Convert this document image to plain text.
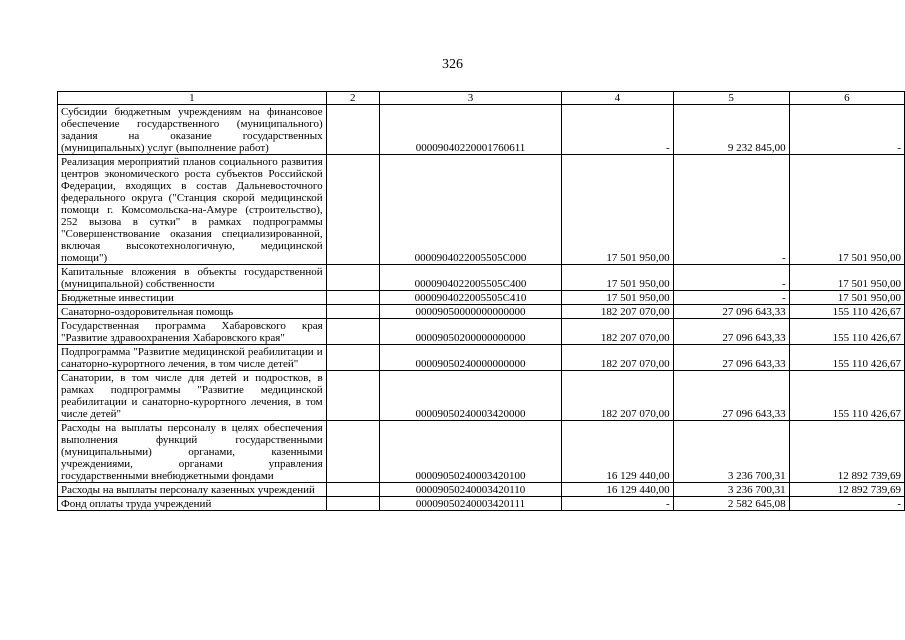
326
1	2	3	4	5	6
Субсидии бюджетным учреждениям на финансовое обеспечение государственного (муниципального) задания на оказание государственных (муниципальных) услуг (выполнение работ)		00009040220001760611	-	9 232 845,00	-
Реализация мероприятий планов социального развития центров экономического роста субъектов Российской Федерации, входящих в состав Дальневосточного федерального округа ("Станция скорой медицинской помощи г. Комсомольска-на-Амуре (строительство), 252 вызова в сутки" в рамках подпрограммы "Совершенствование оказания специализированной, включая высокотехнологичную, медицинской помощи")		0000904022005505C000	17 501 950,00	-	17 501 950,00
Капитальные вложения в объекты государственной (муниципальной) собственности		0000904022005505C400	17 501 950,00	-	17 501 950,00
Бюджетные инвестиции		0000904022005505C410	17 501 950,00	-	17 501 950,00
Санаторно-оздоровительная помощь		00009050000000000000	182 207 070,00	27 096 643,33	155 110 426,67
Государственная программа Хабаровского края "Развитие здравоохранения Хабаровского края"		00009050200000000000	182 207 070,00	27 096 643,33	155 110 426,67
Подпрограмма "Развитие медицинской реабилитации и санаторно-курортного лечения, в том числе детей"		00009050240000000000	182 207 070,00	27 096 643,33	155 110 426,67
Санатории, в том числе для детей и подростков, в рамках подпрограммы "Развитие медицинской реабилитации и санаторно-курортного лечения, в том числе детей"		00009050240003420000	182 207 070,00	27 096 643,33	155 110 426,67
Расходы на выплаты персоналу в целях обеспечения выполнения функций государственными (муниципальными) органами, казенными учреждениями, органами управления государственными внебюджетными фондами		00009050240003420100	16 129 440,00	3 236 700,31	12 892 739,69
Расходы на выплаты персоналу казенных учреждений		00009050240003420110	16 129 440,00	3 236 700,31	12 892 739,69
Фонд оплаты труда учреждений		00009050240003420111	-	2 582 645,08	-
